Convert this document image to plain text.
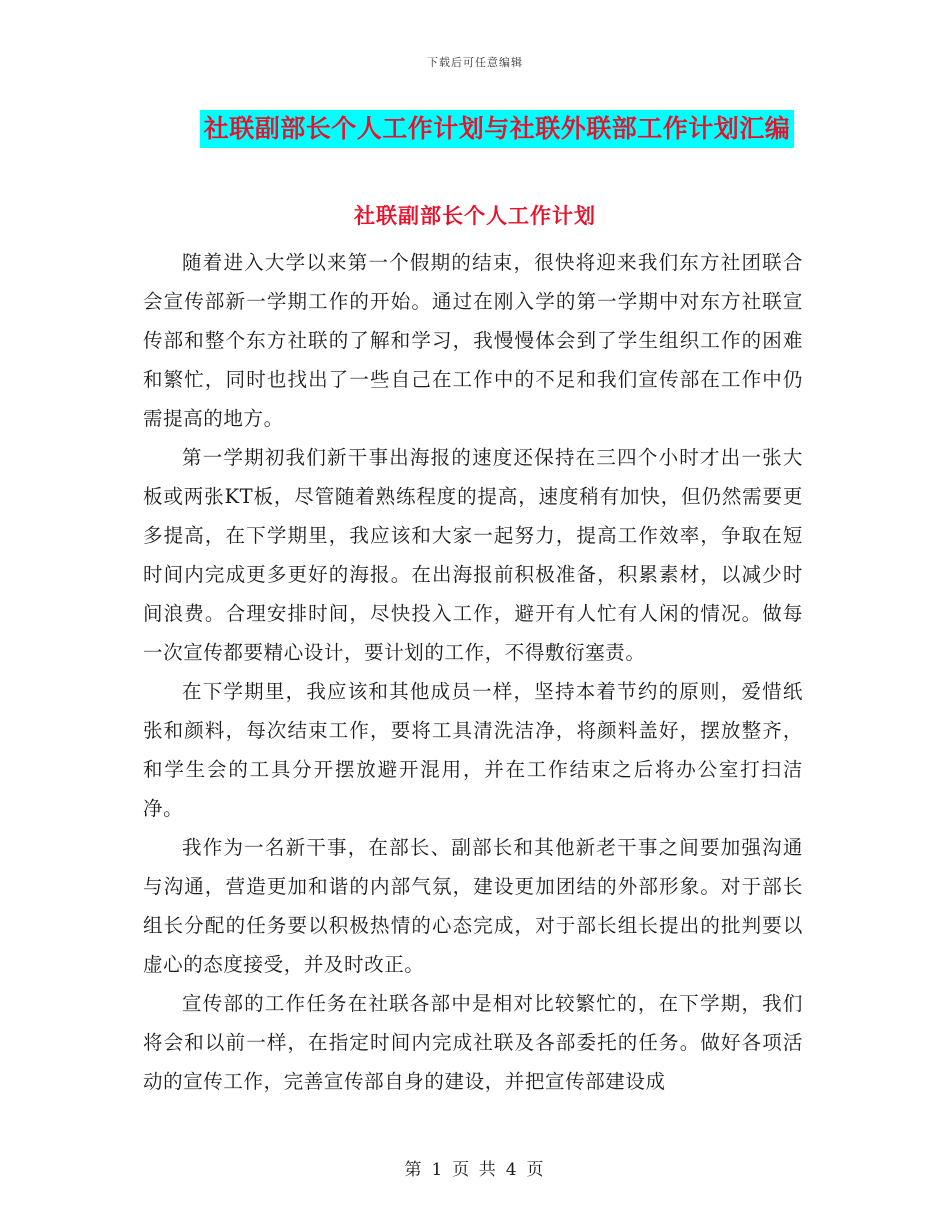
下载后可任意编辑
社联副部长个人工作计划与社联外联部工作计划汇编
社联副部长个人工作计划

随着进入大学以来第一个假期的结束，很快将迎来我们东方社团联合会宣传部新一学期工作的开始。通过在刚入学的第一学期中对东方社联宣传部和整个东方社联的了解和学习，我慢慢体会到了学生组织工作的困难和繁忙，同时也找出了一些自己在工作中的不足和我们宣传部在工作中仍需提高的地方。

第一学期初我们新干事出海报的速度还保持在三四个小时才出一张大板或两张KT板，尽管随着熟练程度的提高，速度稍有加快，但仍然需要更多提高，在下学期里，我应该和大家一起努力，提高工作效率，争取在短时间内完成更多更好的海报。在出海报前积极准备，积累素材，以减少时间浪费。合理安排时间，尽快投入工作，避开有人忙有人闲的情况。做每一次宣传都要精心设计，要计划的工作，不得敷衍塞责。

在下学期里，我应该和其他成员一样，坚持本着节约的原则，爱惜纸张和颜料，每次结束工作，要将工具清洗洁净，将颜料盖好，摆放整齐，和学生会的工具分开摆放避开混用，并在工作结束之后将办公室打扫洁净。

我作为一名新干事，在部长、副部长和其他新老干事之间要加强沟通与沟通，营造更加和谐的内部气氛，建设更加团结的外部形象。对于部长组长分配的任务要以积极热情的心态完成，对于部长组长提出的批判要以虚心的态度接受，并及时改正。

宣传部的工作任务在社联各部中是相对比较繁忙的，在下学期，我们将会和以前一样，在指定时间内完成社联及各部委托的任务。做好各项活动的宣传工作，完善宣传部自身的建设，并把宣传部建设成

第 1 页 共 4 页
